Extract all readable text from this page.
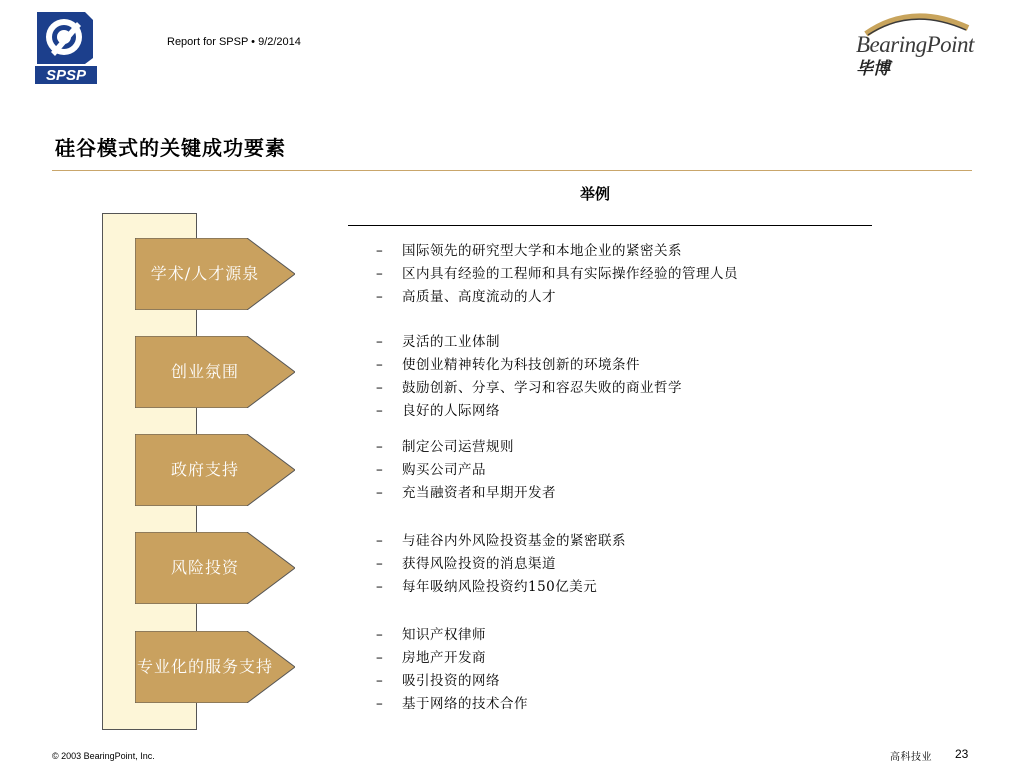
SPSP
Report for SPSP • 9/2/2014	BearingPoint
毕博
硅谷模式的关键成功要素
举例
学术/人才源泉
– 国际领先的研究型大学和本地企业的紧密关系
– 区内具有经验的工程师和具有实际操作经验的管理人员
– 高质量、高度流动的人才
创业氛围
– 灵活的工业体制
– 使创业精神转化为科技创新的环境条件
– 鼓励创新、分享、学习和容忍失败的商业哲学
– 良好的人际网络
政府支持
– 制定公司运营规则
– 购买公司产品
– 充当融资者和早期开发者
风险投资
– 与硅谷内外风险投资基金的紧密联系
– 获得风险投资的消息渠道
– 每年吸纳风险投资约150亿美元
专业化的服务支持
– 知识产权律师
– 房地产开发商
– 吸引投资的网络
– 基于网络的技术合作
© 2003 BearingPoint, Inc.	高科技业 23
